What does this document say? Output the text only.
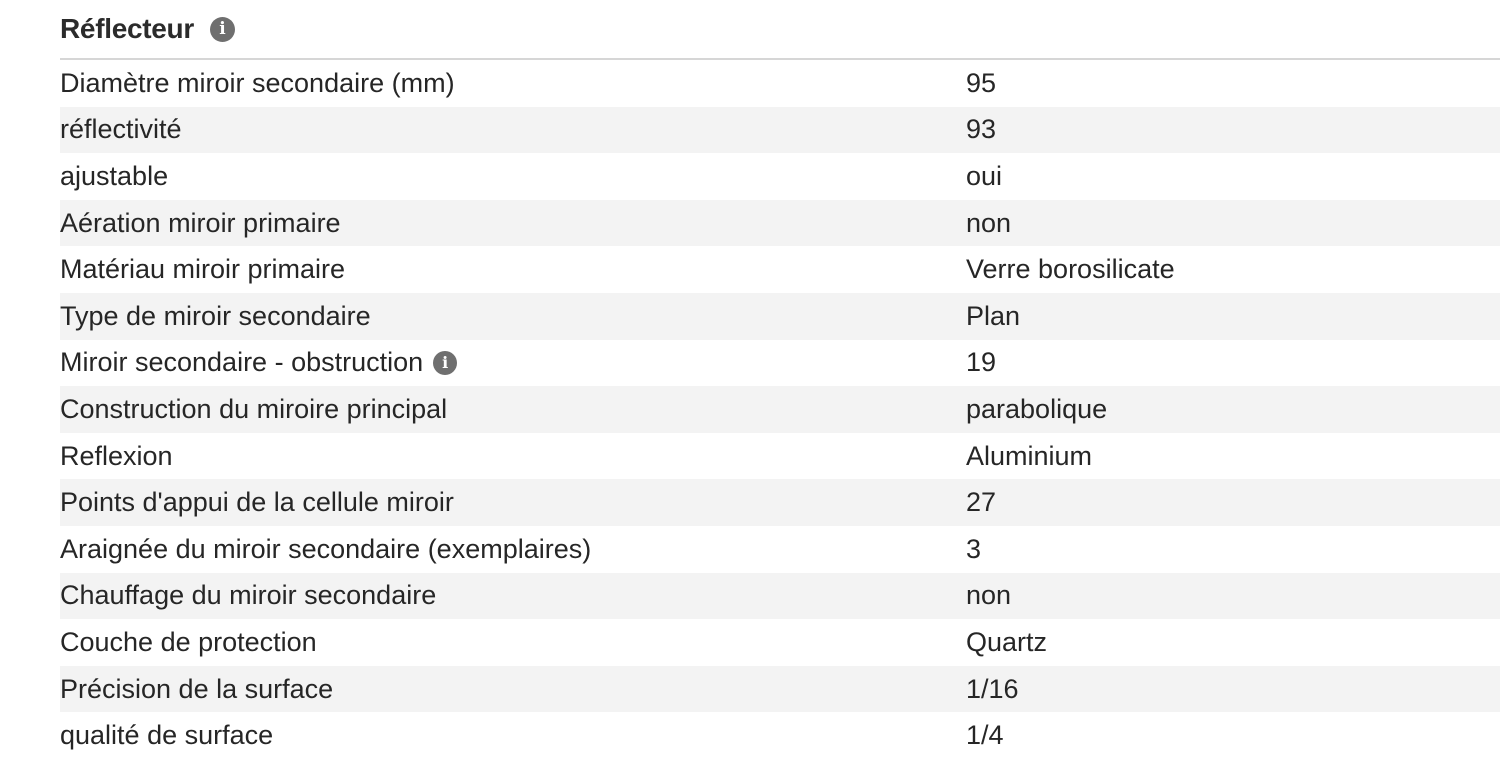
Réflecteur	i
Diamètre miroir secondaire (mm)	95
réflectivité	93
ajustable	oui
Aération miroir primaire	non
Matériau miroir primaire	Verre borosilicate
Type de miroir secondaire	Plan
Miroir secondaire - obstruction	i	19
Construction du miroire principal	parabolique
Reflexion	Aluminium
Points d'appui de la cellule miroir	27
Araignée du miroir secondaire (exemplaires)	3
Chauffage du miroir secondaire	non
Couche de protection	Quartz
Précision de la surface	1/16
qualité de surface	1/4
